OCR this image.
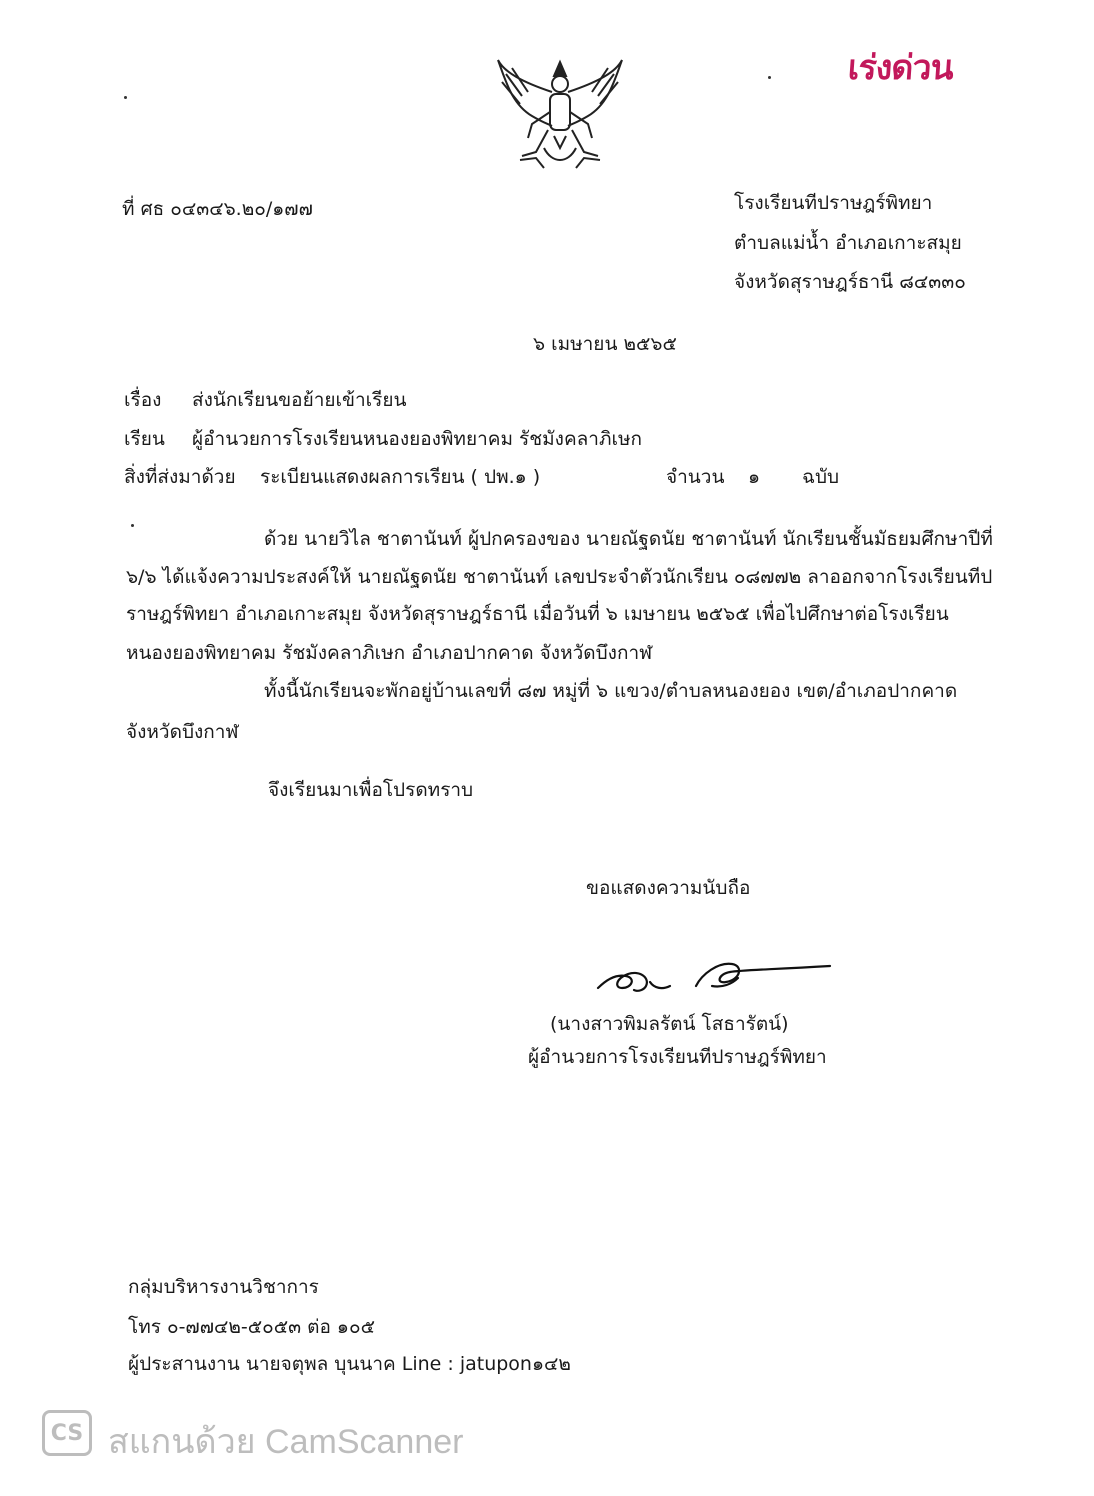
เร่งด่วน
ที่ ศธ ๐๔๓๔๖.๒๐/๑๗๗	โรงเรียนทีปราษฎร์พิทยา
ตำบลแม่น้ำ อำเภอเกาะสมุย
จังหวัดสุราษฎร์ธานี ๘๔๓๓๐
๖ เมษายน ๒๕๖๕
เรื่อง ส่งนักเรียนขอย้ายเข้าเรียน
เรียน ผู้อำนวยการโรงเรียนหนองยองพิทยาคม รัชมังคลาภิเษก
สิ่งที่ส่งมาด้วย ระเบียนแสดงผลการเรียน ( ปพ.๑ )	จำนวน ๑ ฉบับ
ด้วย นายวิไล ชาตานันท์ ผู้ปกครองของ นายณัฐดนัย ชาตานันท์ นักเรียนชั้นมัธยมศึกษาปีที่
๖/๖ ได้แจ้งความประสงค์ให้ นายณัฐดนัย ชาตานันท์ เลขประจำตัวนักเรียน ๐๘๗๗๒ ลาออกจากโรงเรียนทีป
ราษฎร์พิทยา อำเภอเกาะสมุย จังหวัดสุราษฎร์ธานี เมื่อวันที่ ๖ เมษายน ๒๕๖๕ เพื่อไปศึกษาต่อโรงเรียน
หนองยองพิทยาคม รัชมังคลาภิเษก อำเภอปากคาด จังหวัดบึงกาฬ
ทั้งนี้นักเรียนจะพักอยู่บ้านเลขที่ ๘๗ หมู่ที่ ๖ แขวง/ตำบลหนองยอง เขต/อำเภอปากคาด
จังหวัดบึงกาฬ
จึงเรียนมาเพื่อโปรดทราบ
ขอแสดงความนับถือ
(นางสาวพิมลรัตน์ โสธารัตน์)
ผู้อำนวยการโรงเรียนทีปราษฎร์พิทยา
กลุ่มบริหารงานวิชาการ
โทร ๐-๗๗๔๒-๕๐๕๓ ต่อ ๑๐๕
ผู้ประสานงาน นายจตุพล บุนนาค Line : jatupon๑๔๒
CS สแกนด้วย CamScanner
